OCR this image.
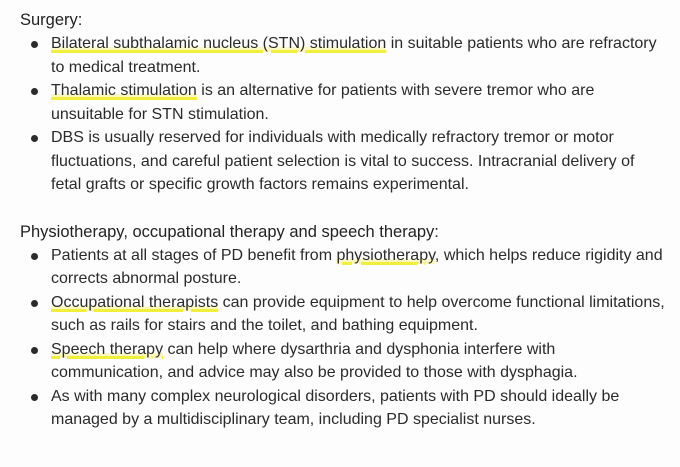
Surgery:
Bilateral subthalamic nucleus (STN) stimulation in suitable patients who are refractory to medical treatment.
Thalamic stimulation is an alternative for patients with severe tremor who are unsuitable for STN stimulation.
DBS is usually reserved for individuals with medically refractory tremor or motor fluctuations, and careful patient selection is vital to success. Intracranial delivery of fetal grafts or specific growth factors remains experimental.
Physiotherapy, occupational therapy and speech therapy:
Patients at all stages of PD benefit from physiotherapy, which helps reduce rigidity and corrects abnormal posture.
Occupational therapists can provide equipment to help overcome functional limitations, such as rails for stairs and the toilet, and bathing equipment.
Speech therapy can help where dysarthria and dysphonia interfere with communication, and advice may also be provided to those with dysphagia.
As with many complex neurological disorders, patients with PD should ideally be managed by a multidisciplinary team, including PD specialist nurses.
